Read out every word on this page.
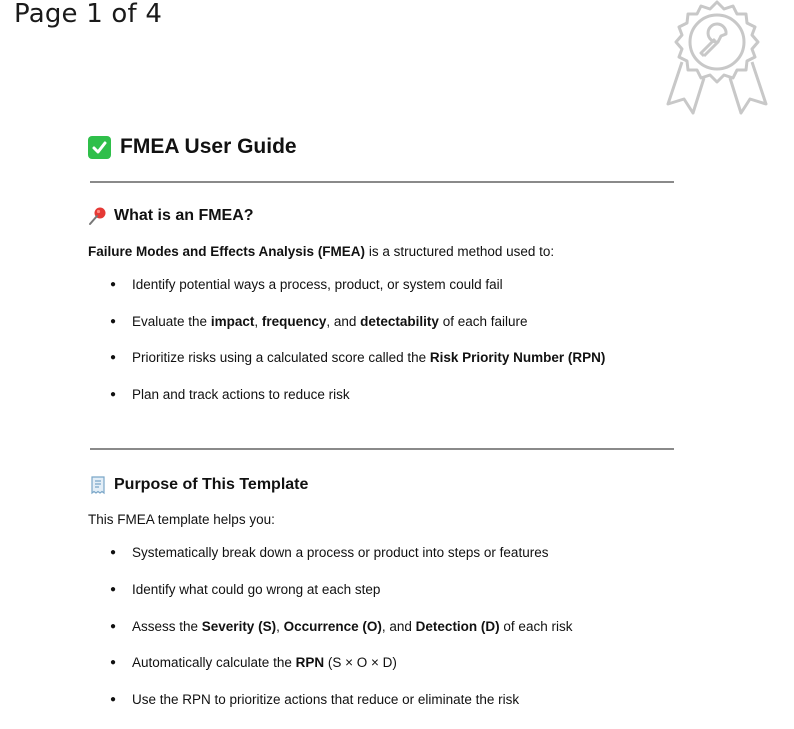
Page 1 of 4
FMEA User Guide
What is an FMEA?
Failure Modes and Effects Analysis (FMEA) is a structured method used to:
●	Identify potential ways a process, product, or system could fail
●	Evaluate the impact, frequency, and detectability of each failure
●	Prioritize risks using a calculated score called the Risk Priority Number (RPN)
●	Plan and track actions to reduce risk
Purpose of This Template
This FMEA template helps you:
●	Systematically break down a process or product into steps or features
●	Identify what could go wrong at each step
●	Assess the Severity (S), Occurrence (O), and Detection (D) of each risk
●	Automatically calculate the RPN (S × O × D)
●	Use the RPN to prioritize actions that reduce or eliminate the risk
